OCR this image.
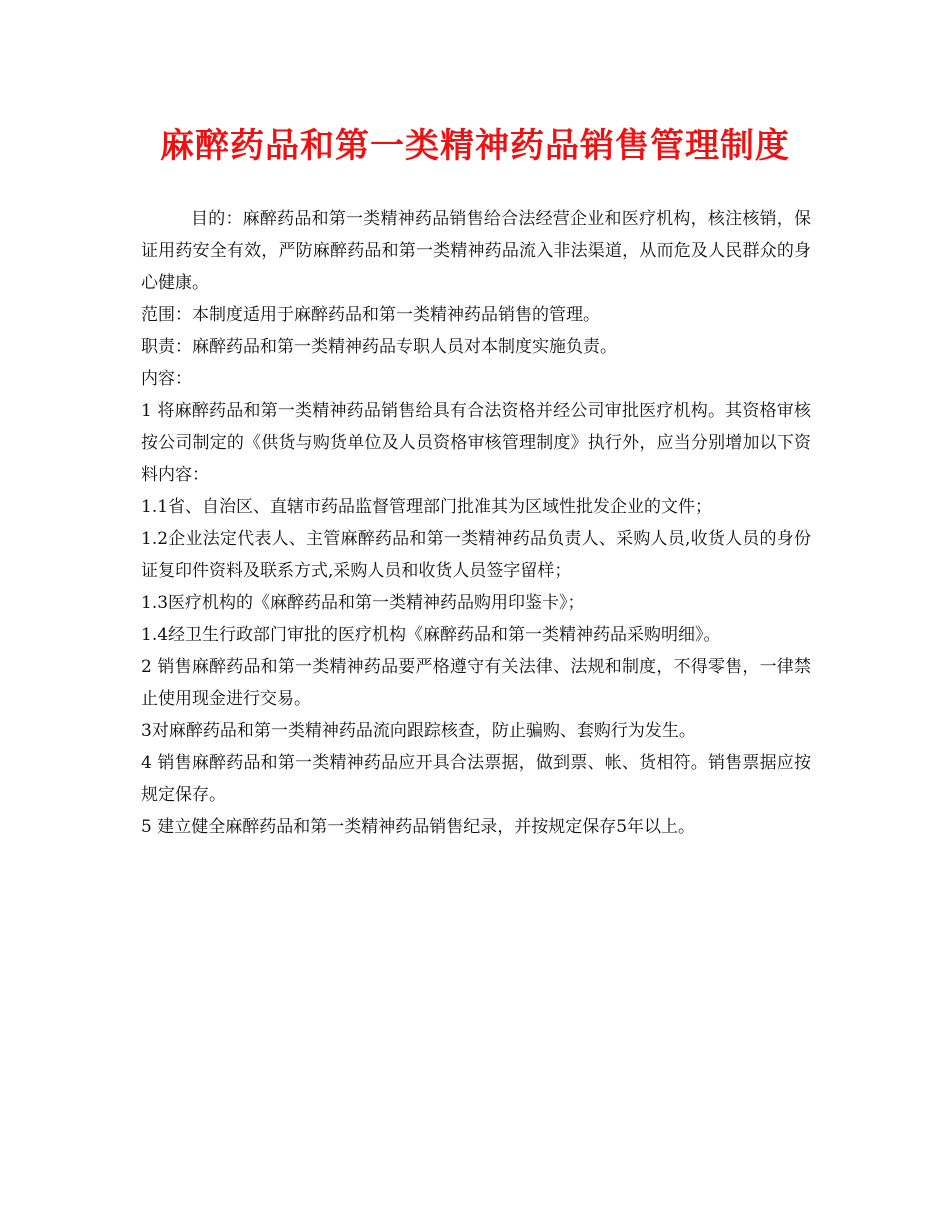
麻醉药品和第一类精神药品销售管理制度

目的：麻醉药品和第一类精神药品销售给合法经营企业和医疗机构，核注核销，保证用药安全有效，严防麻醉药品和第一类精神药品流入非法渠道，从而危及人民群众的身心健康。

范围：本制度适用于麻醉药品和第一类精神药品销售的管理。

职责：麻醉药品和第一类精神药品专职人员对本制度实施负责。

内容：

1 将麻醉药品和第一类精神药品销售给具有合法资格并经公司审批医疗机构。其资格审核按公司制定的《供货与购货单位及人员资格审核管理制度》执行外，应当分别增加以下资料内容：

1.1省、自治区、直辖市药品监督管理部门批准其为区域性批发企业的文件；

1.2企业法定代表人、主管麻醉药品和第一类精神药品负责人、采购人员,收货人员的身份证复印件资料及联系方式,采购人员和收货人员签字留样；

1.3医疗机构的《麻醉药品和第一类精神药品购用印鉴卡》；

1.4经卫生行政部门审批的医疗机构《麻醉药品和第一类精神药品采购明细》。

2 销售麻醉药品和第一类精神药品要严格遵守有关法律、法规和制度，不得零售，一律禁止使用现金进行交易。

3对麻醉药品和第一类精神药品流向跟踪核查，防止骗购、套购行为发生。

4 销售麻醉药品和第一类精神药品应开具合法票据，做到票、帐、货相符。销售票据应按规定保存。

5 建立健全麻醉药品和第一类精神药品销售纪录，并按规定保存5年以上。
